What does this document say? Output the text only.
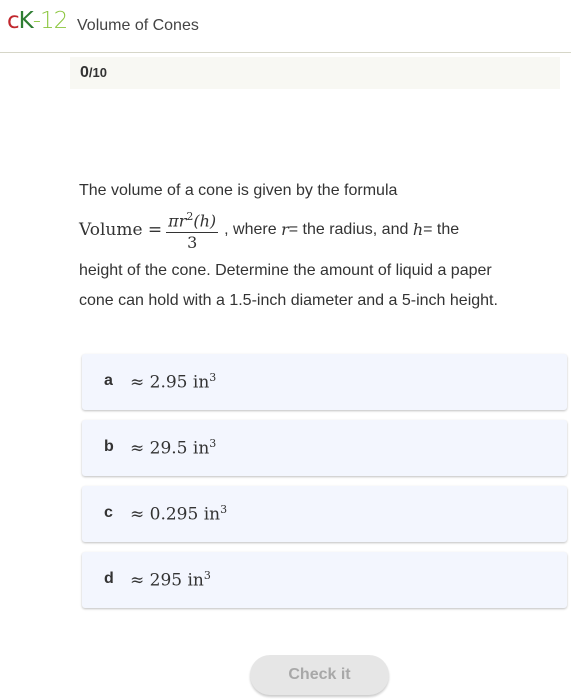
cK-12 Volume of Cones
0/10
The volume of a cone is given by the formula
Volume = $\frac{\pi r^2(h)}{3}$ , where
r = the radius, and
h = the
height of the cone. Determine the amount of liquid a paper
cone can hold with a 1.5-inch diameter and a 5-inch height.
a ≈ 2.95 $in^3$
b ≈ 29.5 $in^3$
c ≈ 0.295 $in^3$
d ≈ 295 $in^3$
Check it
